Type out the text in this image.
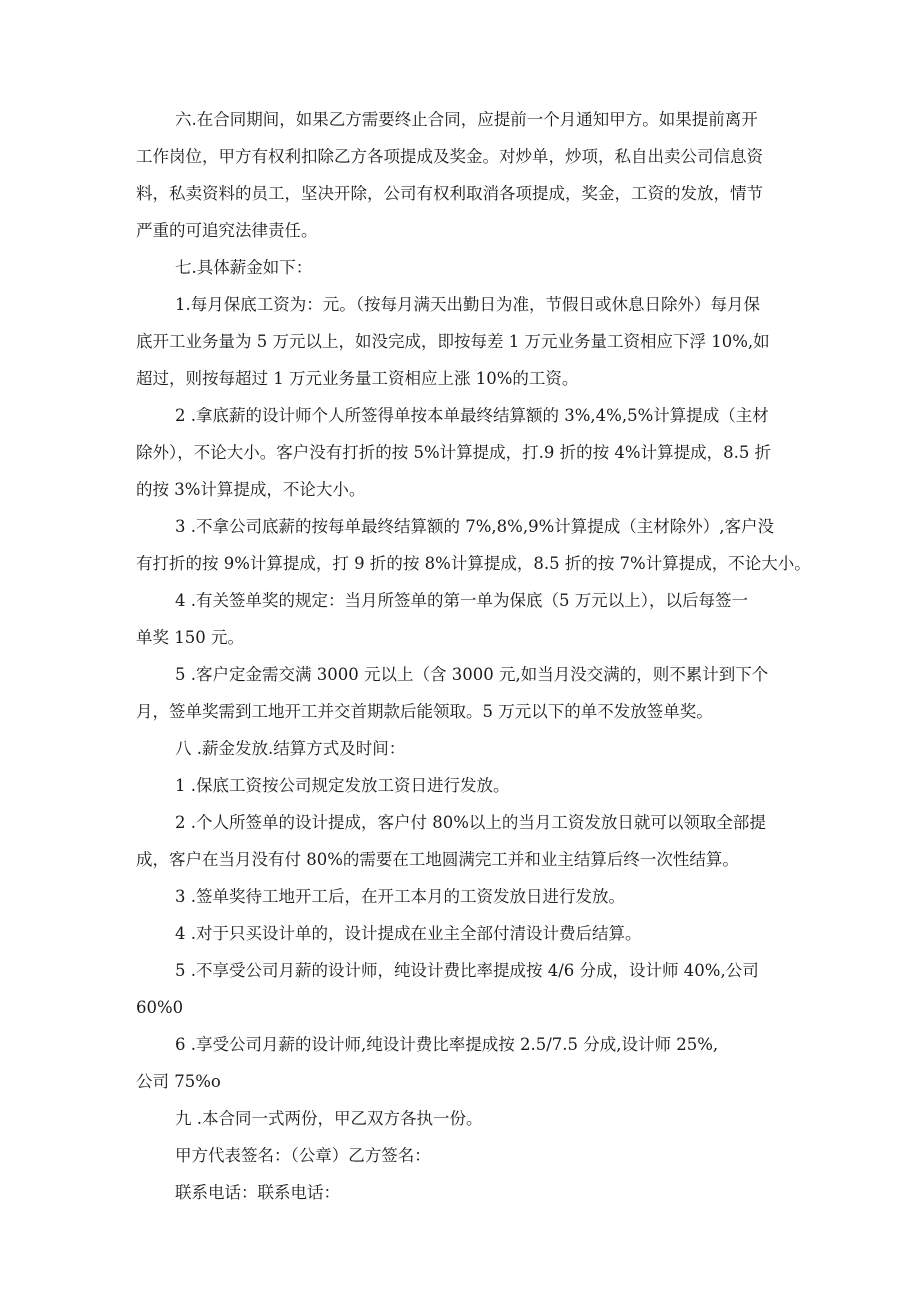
六.在合同期间，如果乙方需要终止合同，应提前一个月通知甲方。如果提前离开
工作岗位，甲方有权利扣除乙方各项提成及奖金。对炒单，炒项，私自出卖公司信息资
料，私卖资料的员工，坚决开除，公司有权利取消各项提成，奖金，工资的发放，情节
严重的可追究法律责任。
七.具体薪金如下：
1.每月保底工资为：元。（按每月满天出勤日为准，节假日或休息日除外）每月保
底开工业务量为 5 万元以上，如没完成，即按每差 1 万元业务量工资相应下浮 10%,如
超过，则按每超过 1 万元业务量工资相应上涨 10%的工资。
2 .拿底薪的设计师个人所签得单按本单最终结算额的 3%,4%,5%计算提成（主材
除外），不论大小。客户没有打折的按 5%计算提成，打.9 折的按 4%计算提成，8.5 折
的按 3%计算提成，不论大小。
3 .不拿公司底薪的按每单最终结算额的 7%,8%,9%计算提成（主材除外）,客户没
有打折的按 9%计算提成，打 9 折的按 8%计算提成，8.5 折的按 7%计算提成，不论大小。
4 .有关签单奖的规定：当月所签单的第一单为保底（5 万元以上），以后每签一
单奖 150 元。
5 .客户定金需交满 3000 元以上（含 3000 元,如当月没交满的，则不累计到下个
月，签单奖需到工地开工并交首期款后能领取。5 万元以下的单不发放签单奖。
八 .薪金发放.结算方式及时间：
1 .保底工资按公司规定发放工资日进行发放。
2 .个人所签单的设计提成，客户付 80%以上的当月工资发放日就可以领取全部提
成，客户在当月没有付 80%的需要在工地圆满完工并和业主结算后终一次性结算。
3 .签单奖待工地开工后，在开工本月的工资发放日进行发放。
4 .对于只买设计单的，设计提成在业主全部付清设计费后结算。
5 .不享受公司月薪的设计师，纯设计费比率提成按 4/6 分成，设计师 40%,公司
60%0
6 .享受公司月薪的设计师,纯设计费比率提成按 2.5/7.5 分成,设计师 25%,
公司 75%o
九 .本合同一式两份，甲乙双方各执一份。
甲方代表签名：（公章）乙方签名：
联系电话：联系电话：
